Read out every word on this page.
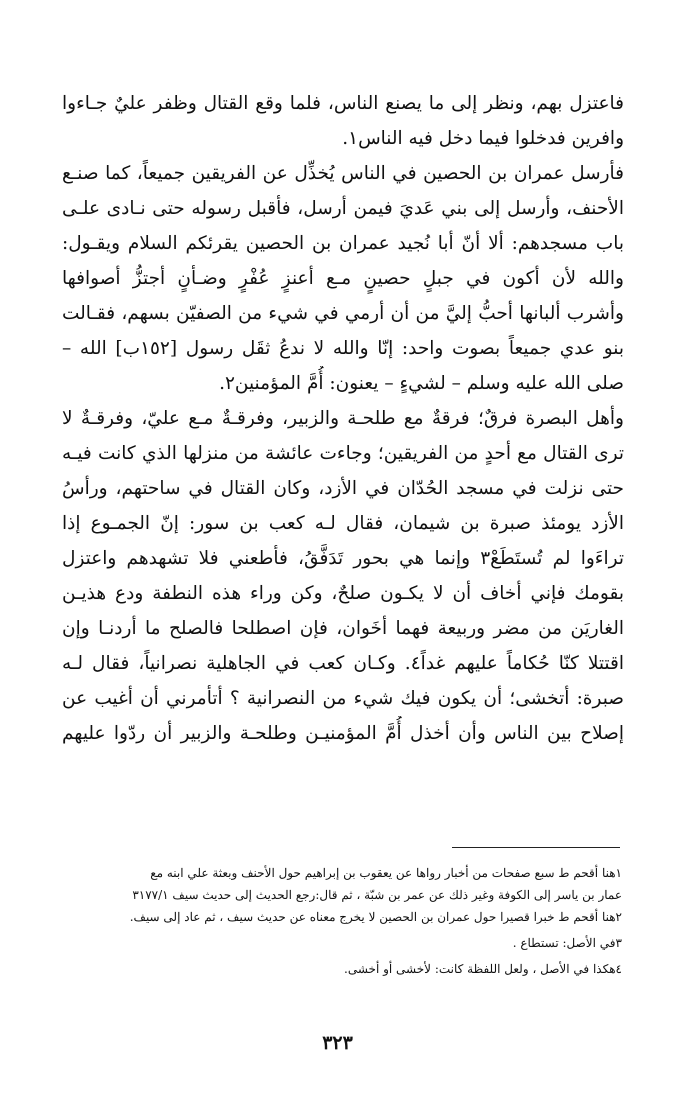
فاعتزل بهم، ونظر إلى ما يصنع الناس، فلما وقع القتال وظفر عليٌ جـاءوا
وافرين فدخلوا فيما دخل فيه الناس١.
فأرسل عمران بن الحصين في الناس يُخذِّل عن الفريقين جميعاً، كما صنـع
الأحنف، وأرسل إلى بني عَديَ فيمن أرسل، فأقبل رسوله حتى نـادى علـى
باب مسجدهم: ألا أنّ أبا نُجيد عمران بن الحصين يقرئكم السلام ويقـول:
والله لأن أكون في جبلٍ حصينٍ مـع أعنزٍ عُفْرٍ وضـأنٍ أجتزُّ أصوافها
وأشرب ألبانها أحبُّ إليَّ من أن أرمي في شيء من الصفيّن بسهم، فقـالت
بنو عدي جميعاً بصوت واحد: إنّا والله لا ندعُ ثقَل رسول [١٥٢ب] الله –
صلى الله عليه وسلم – لشيءٍ – يعنون: أُمَّ المؤمنين٢.
وأهل البصرة فرقٌ؛ فرقةٌ مع طلحـة والزبير، وفرقـةٌ مـع عليّ، وفرقـةٌ لا
ترى القتال مع أحدٍ من الفريقين؛ وجاءت عائشة من منزلها الذي كانت فيـه
حتى نزلت في مسجد الحُدّان في الأزد، وكان القتال في ساحتهم، ورأسُ
الأزد يومئذ صبرة بن شيمان، فقال لـه كعب بن سور: إنّ الجمـوع إذا
تراءَوا لم تُستَطَعْ٣ وإنما هي بحور تَدَفَّقُ، فأطعني فلا تشهدهم واعتزل
بقومك فإني أخاف أن لا يكـون صلحٌ، وكن وراء هذه النطفة ودع هذيـن
الغاريَن من مضر وربيعة فهما أخَوان، فإن اصطلحا فالصلح ما أردنـا وإن
اقتتلا كنّا حُكاماً عليهم غداً٤. وكـان كعب في الجاهلية نصرانياً، فقال لـه
صبرة: أتخشى؛ أن يكون فيك شيء من النصرانية ؟ أتأمرني أن أغيب عن
إصلاح بين الناس وأن أخذل أُمَّ المؤمنيـن وطلحـة والزبير أن ردّوا عليهم
١هنا أقحم ط سبع صفحات من أخبار رواها عن يعقوب بن إبراهيم حول الأحنف وبعثة علي ابنه مع
عمار بن ياسر إلى الكوفة وغير ذلك عن عمر بن شبّة ، ثم قال:رجع الحديث إلى حديث سيف ٣١٧٧/١
٢هنا أقحم ط خبرا قصيرا حول عمران بن الحصين لا يخرج معناه عن حديث سيف ، ثم عاد إلى سيف.
٣في الأصل: تستطاع .
٤هكذا في الأصل ، ولعل اللفظة كانت: لأخشى أو أخشى.
٣٢٣
